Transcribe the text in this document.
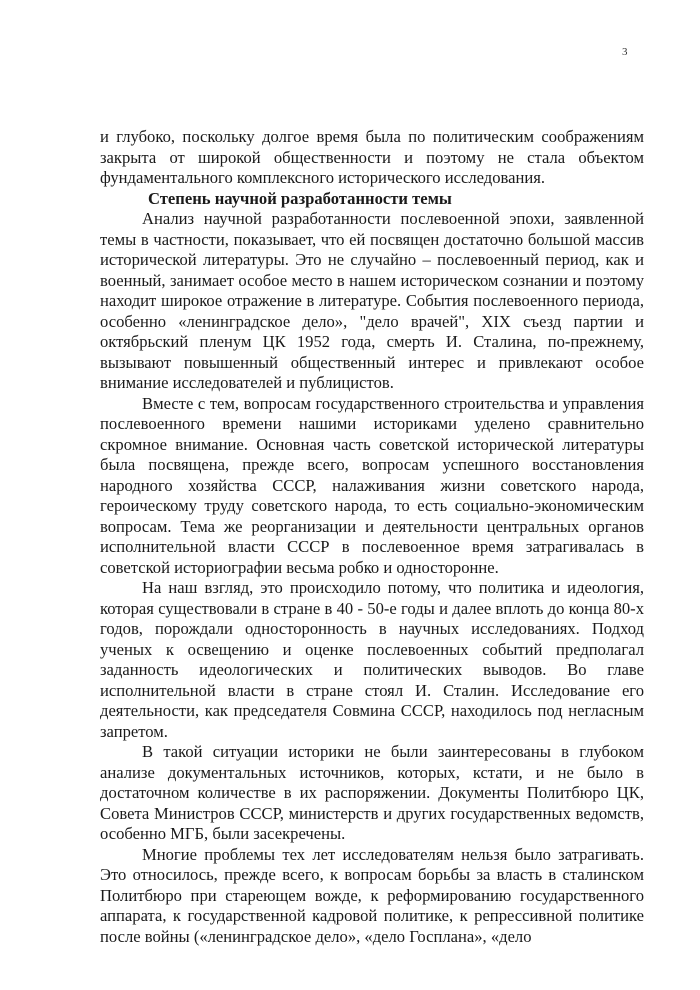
3

и глубоко, поскольку долгое время была по политическим соображениям закрыта от широкой общественности и поэтому не стала объектом фундаментального комплексного исторического исследования.

Степень научной разработанности темы

Анализ научной разработанности послевоенной эпохи, заявленной темы в частности, показывает, что ей посвящен достаточно большой массив исторической литературы. Это не случайно – послевоенный период, как и военный, занимает особое место в нашем историческом сознании и поэтому находит широкое отражение в литературе. События послевоенного периода, особенно «ленинградское дело», "дело врачей", XIX съезд партии и октябрьский пленум ЦК 1952 года, смерть И. Сталина, по-прежнему, вызывают повышенный общественный интерес и привлекают особое внимание исследователей и публицистов.

Вместе с тем, вопросам государственного строительства и управления послевоенного времени нашими историками уделено сравнительно скромное внимание. Основная часть советской исторической литературы была посвящена, прежде всего, вопросам успешного восстановления народного хозяйства СССР, налаживания жизни советского народа, героическому труду советского народа, то есть социально-экономическим вопросам. Тема же реорганизации и деятельности центральных органов исполнительной власти СССР в послевоенное время затрагивалась в советской историографии весьма робко и односторонне.

На наш взгляд, это происходило потому, что политика и идеология, которая существовали в стране в 40 - 50-е годы и далее вплоть до конца 80-х годов, порождали односторонность в научных исследованиях. Подход ученых к освещению и оценке послевоенных событий предполагал заданность идеологических и политических выводов. Во главе исполнительной власти в стране стоял И. Сталин. Исследование его деятельности, как председателя Совмина СССР, находилось под негласным запретом.

В такой ситуации историки не были заинтересованы в глубоком анализе документальных источников, которых, кстати, и не было в достаточном количестве в их распоряжении. Документы Политбюро ЦК, Совета Министров СССР, министерств и других государственных ведомств, особенно МГБ, были засекречены.

Многие проблемы тех лет исследователям нельзя было затрагивать. Это относилось, прежде всего, к вопросам борьбы за власть в сталинском Политбюро при стареющем вожде, к реформированию государственного аппарата, к государственной кадровой политике, к репрессивной политике после войны («ленинградское дело», «дело Госплана», «дело
